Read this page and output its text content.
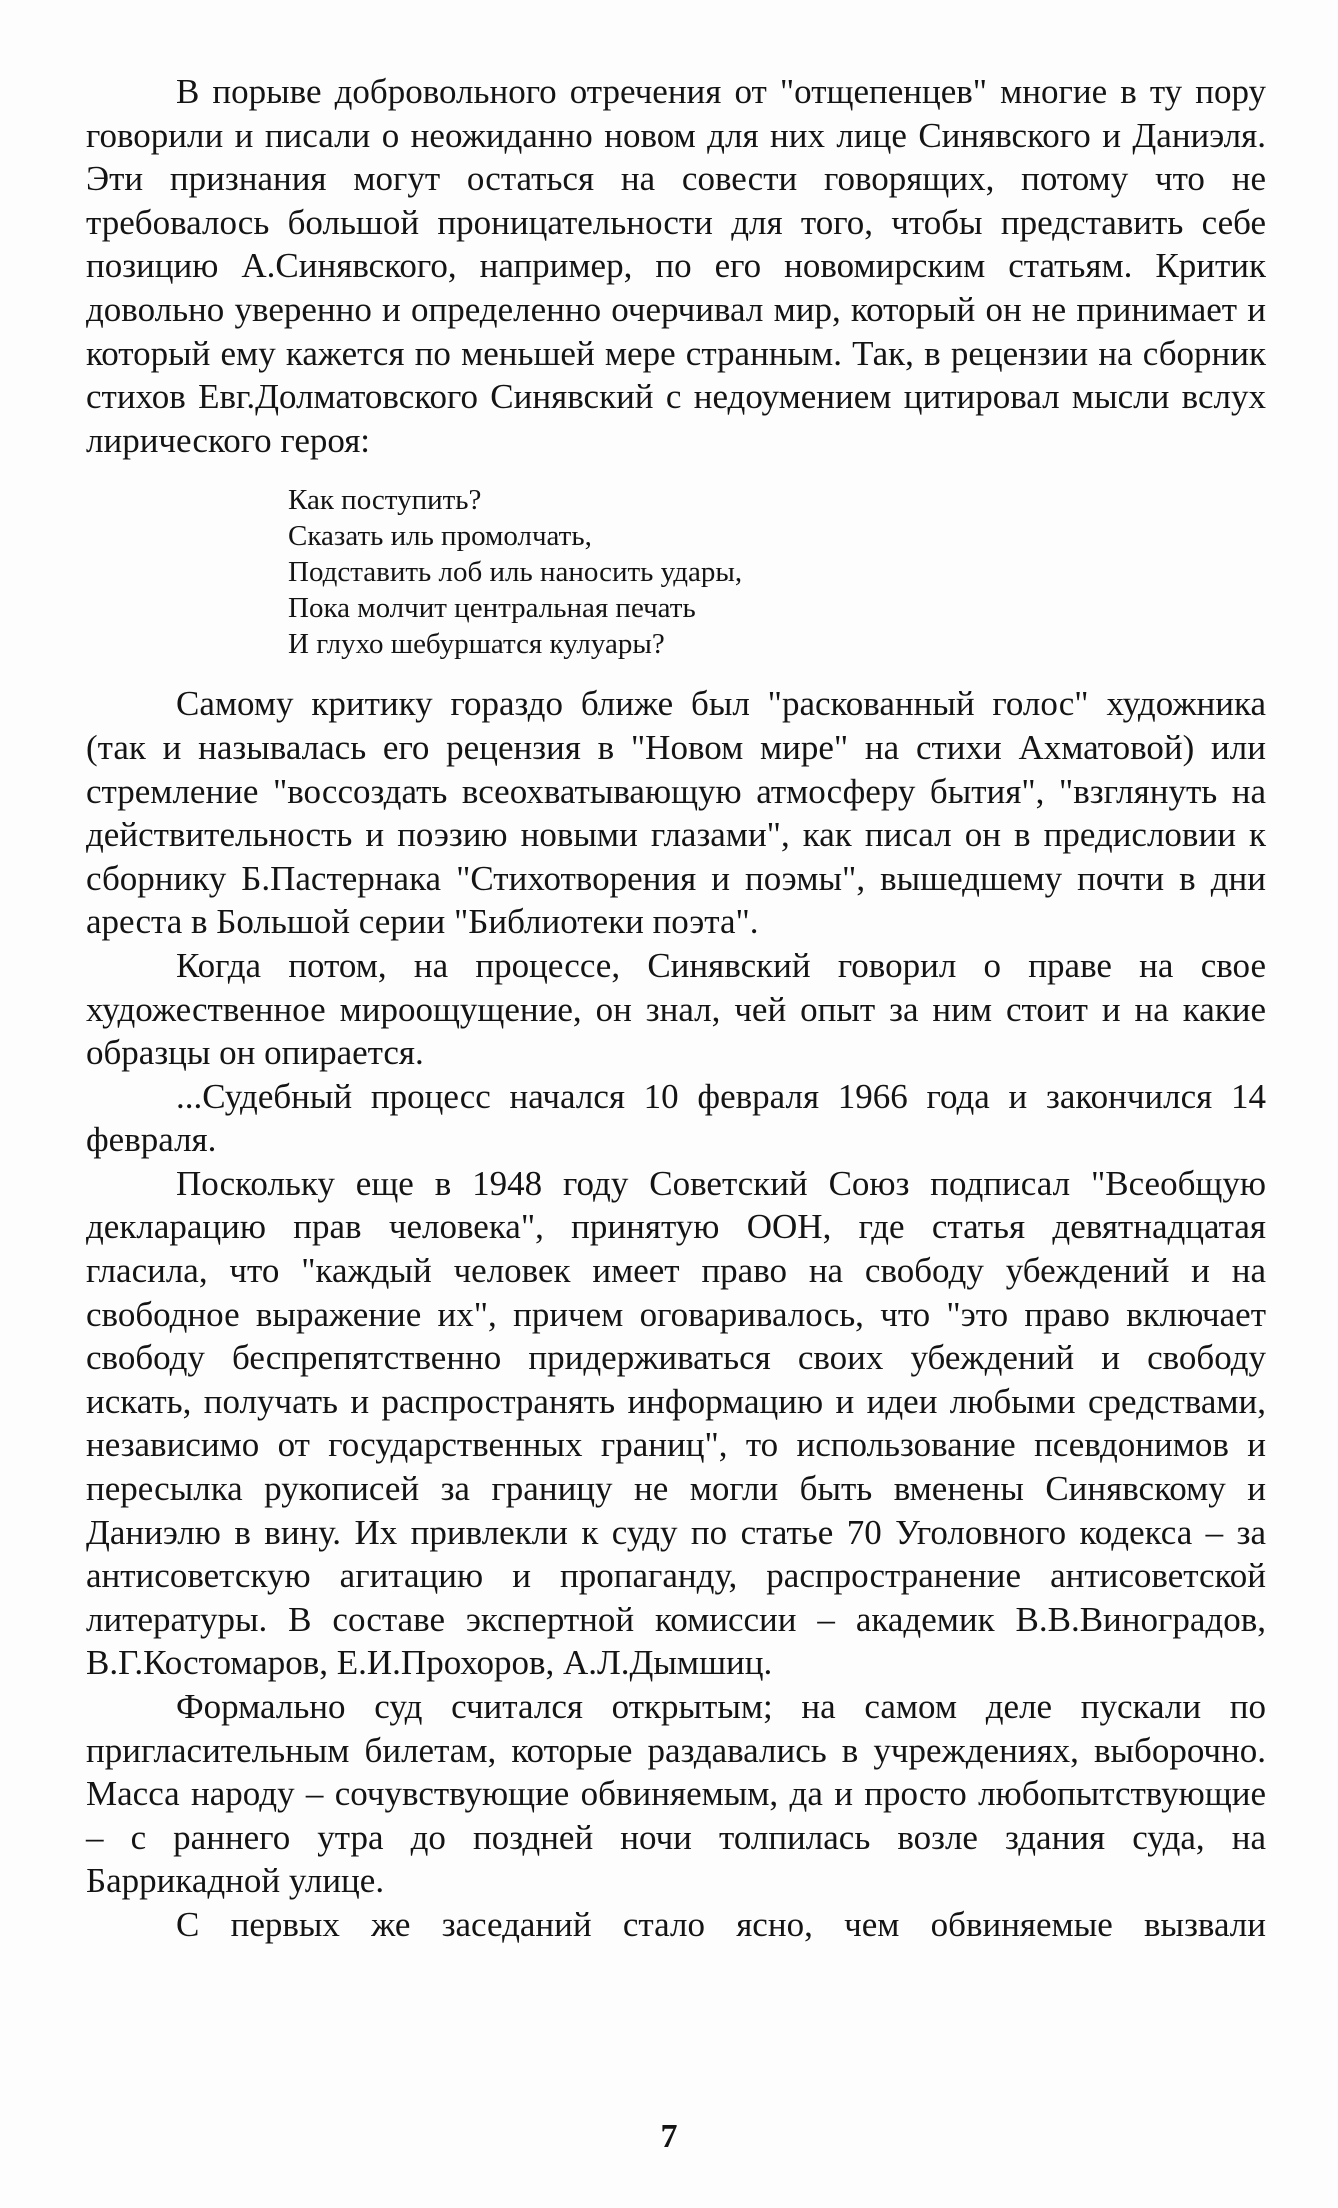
В порыве добровольного отречения от "отщепенцев" многие в ту пору говорили и писали о неожиданно новом для них лице Синявского и Даниэля. Эти признания могут остаться на совести говорящих, потому что не требовалось большой проницательности для того, чтобы представить себе позицию А.Синявского, например, по его новомирским статьям. Критик довольно уверенно и определенно очерчивал мир, который он не принимает и который ему кажется по меньшей мере странным. Так, в рецензии на сборник стихов Евг.Долматовского Синявский с недоумением цитировал мысли вслух лирического героя:

Как поступить?
Сказать иль промолчать,
Подставить лоб иль наносить удары,
Пока молчит центральная печать
И глухо шебуршатся кулуары?

Самому критику гораздо ближе был "раскованный голос" художника (так и называлась его рецензия в "Новом мире" на стихи Ахматовой) или стремление "воссоздать всеохватывающую атмосферу бытия", "взглянуть на действительность и поэзию новыми глазами", как писал он в предисловии к сборнику Б.Пастернака "Стихотворения и поэмы", вышедшему почти в дни ареста в Большой серии "Библиотеки поэта".

Когда потом, на процессе, Синявский говорил о праве на свое художественное мироощущение, он знал, чей опыт за ним стоит и на какие образцы он опирается.

...Судебный процесс начался 10 февраля 1966 года и закончился 14 февраля.

Поскольку еще в 1948 году Советский Союз подписал "Всеобщую декларацию прав человека", принятую ООН, где статья девятнадцатая гласила, что "каждый человек имеет право на свободу убеждений и на свободное выражение их", причем оговаривалось, что "это право включает свободу беспрепятственно придерживаться своих убеждений и свободу искать, получать и распространять информацию и идеи любыми средствами, независимо от государственных границ", то использование псевдонимов и пересылка рукописей за границу не могли быть вменены Синявскому и Даниэлю в вину. Их привлекли к суду по статье 70 Уголовного кодекса – за антисоветскую агитацию и пропаганду, распространение антисоветской литературы. В составе экспертной комиссии – академик В.В.Виноградов, В.Г.Костомаров, Е.И.Прохоров, А.Л.Дымшиц.

Формально суд считался открытым; на самом деле пускали по пригласительным билетам, которые раздавались в учреждениях, выборочно. Масса народу – сочувствующие обвиняемым, да и просто любопытствующие – с раннего утра до поздней ночи толпилась возле здания суда, на Баррикадной улице.

С первых же заседаний стало ясно, чем обвиняемые вызвали

7
